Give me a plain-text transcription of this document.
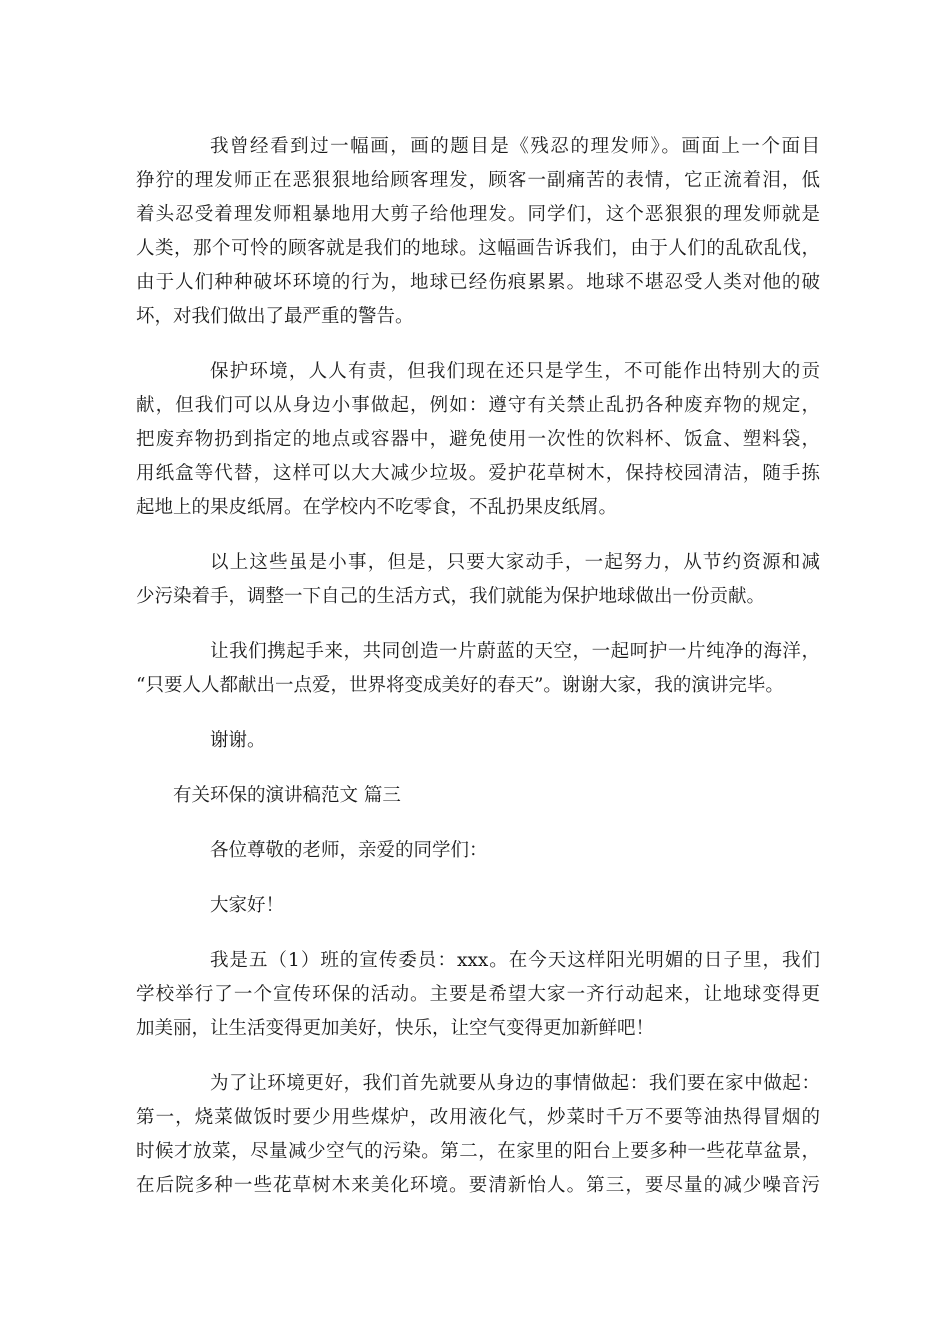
我曾经看到过一幅画，画的题目是《残忍的理发师》。画面上一个面目
狰狞的理发师正在恶狠狠地给顾客理发，顾客一副痛苦的表情，它正流着泪，低
着头忍受着理发师粗暴地用大剪子给他理发。同学们，这个恶狠狠的理发师就是
人类，那个可怜的顾客就是我们的地球。这幅画告诉我们，由于人们的乱砍乱伐，
由于人们种种破坏环境的行为，地球已经伤痕累累。地球不堪忍受人类对他的破
坏，对我们做出了最严重的警告。
保护环境，人人有责，但我们现在还只是学生，不可能作出特别大的贡
献，但我们可以从身边小事做起，例如：遵守有关禁止乱扔各种废弃物的规定，
把废弃物扔到指定的地点或容器中，避免使用一次性的饮料杯、饭盒、塑料袋，
用纸盒等代替，这样可以大大减少垃圾。爱护花草树木，保持校园清洁，随手拣
起地上的果皮纸屑。在学校内不吃零食，不乱扔果皮纸屑。
以上这些虽是小事，但是，只要大家动手，一起努力，从节约资源和减
少污染着手，调整一下自己的生活方式，我们就能为保护地球做出一份贡献。
让我们携起手来，共同创造一片蔚蓝的天空，一起呵护一片纯净的海洋，
“只要人人都献出一点爱，世界将变成美好的春天”。谢谢大家，我的演讲完毕。

谢谢。

有关环保的演讲稿范文 篇三

各位尊敬的老师，亲爱的同学们：

大家好！

我是五（1）班的宣传委员：xxx。在今天这样阳光明媚的日子里，我们
学校举行了一个宣传环保的活动。主要是希望大家一齐行动起来，让地球变得更
加美丽，让生活变得更加美好，快乐，让空气变得更加新鲜吧！
为了让环境更好，我们首先就要从身边的事情做起：我们要在家中做起：
第一，烧菜做饭时要少用些煤炉，改用液化气，炒菜时千万不要等油热得冒烟的
时候才放菜，尽量减少空气的污染。第二，在家里的阳台上要多种一些花草盆景，
在后院多种一些花草树木来美化环境。要清新怡人。第三，要尽量的减少噪音污
